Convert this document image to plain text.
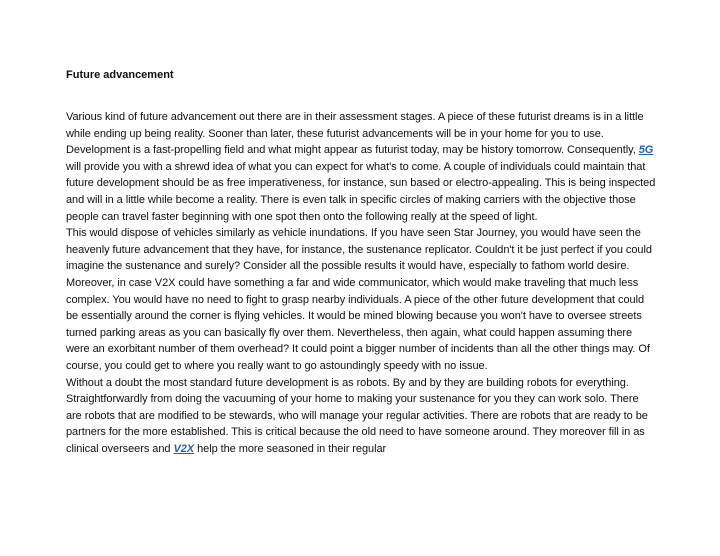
Future advancement

Various kind of future advancement out there are in their assessment stages. A piece of these futurist dreams is in a little while ending up being reality. Sooner than later, these futurist advancements will be in your home for you to use. Development is a fast-propelling field and what might appear as futurist today, may be history tomorrow. Consequently, 5G will provide you with a shrewd idea of what you can expect for what's to come. A couple of individuals could maintain that future development should be as free imperativeness, for instance, sun based or electro-appealing. This is being inspected and will in a little while become a reality. There is even talk in specific circles of making carriers with the objective those people can travel faster beginning with one spot then onto the following really at the speed of light.

This would dispose of vehicles similarly as vehicle inundations. If you have seen Star Journey, you would have seen the heavenly future advancement that they have, for instance, the sustenance replicator. Couldn't it be just perfect if you could imagine the sustenance and surely? Consider all the possible results it would have, especially to fathom world desire. Moreover, in case V2X could have something a far and wide communicator, which would make traveling that much less complex. You would have no need to fight to grasp nearby individuals. A piece of the other future development that could be essentially around the corner is flying vehicles. It would be mined blowing because you won't have to oversee streets turned parking areas as you can basically fly over them. Nevertheless, then again, what could happen assuming there were an exorbitant number of them overhead? It could point a bigger number of incidents than all the other things may. Of course, you could get to where you really want to go astoundingly speedy with no issue.

Without a doubt the most standard future development is as robots. By and by they are building robots for everything. Straightforwardly from doing the vacuuming of your home to making your sustenance for you they can work solo. There are robots that are modified to be stewards, who will manage your regular activities. There are robots that are ready to be partners for the more established. This is critical because the old need to have someone around. They moreover fill in as clinical overseers and V2X help the more seasoned in their regular
